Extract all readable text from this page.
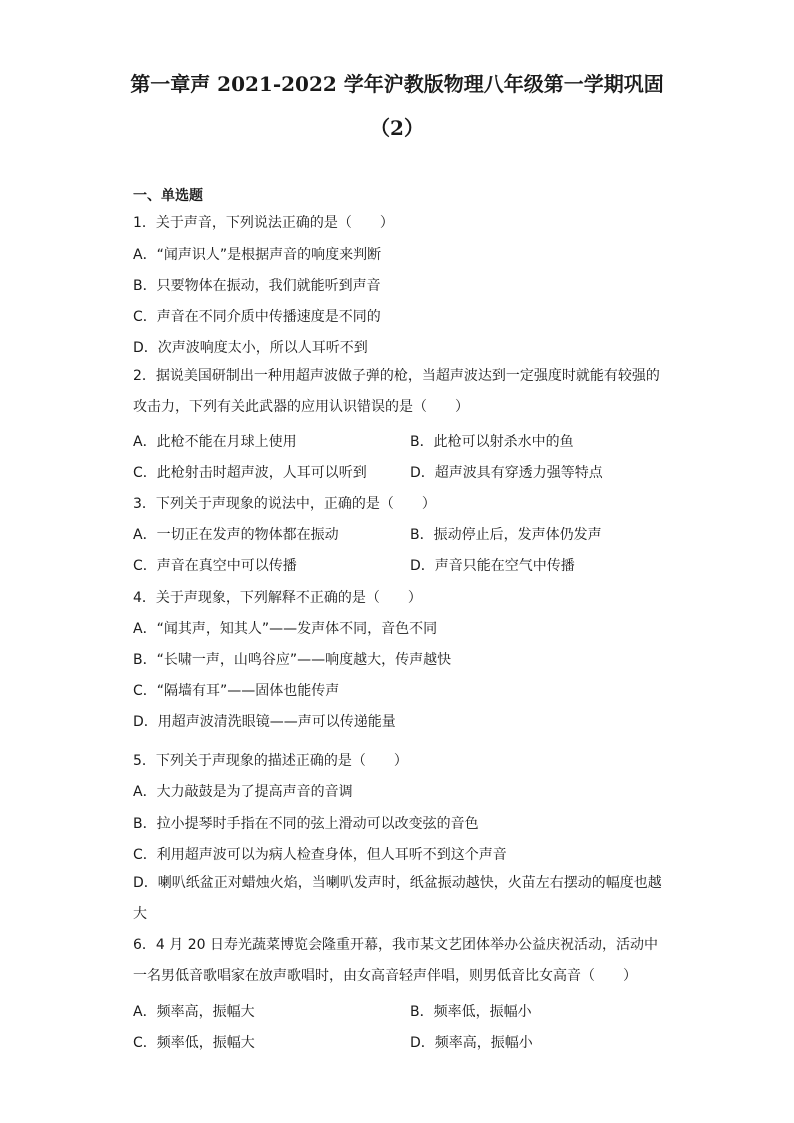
第一章声 2021-2022 学年沪教版物理八年级第一学期巩固
（2）
一、单选题
1．关于声音，下列说法正确的是（　　）
A．“闻声识人”是根据声音的响度来判断
B．只要物体在振动，我们就能听到声音
C．声音在不同介质中传播速度是不同的
D．次声波响度太小，所以人耳听不到
2．据说美国研制出一种用超声波做子弹的枪，当超声波达到一定强度时就能有较强的攻击力，下列有关此武器的应用认识错误的是（　　）
A．此枪不能在月球上使用	B．此枪可以射杀水中的鱼
C．此枪射击时超声波，人耳可以听到	D．超声波具有穿透力强等特点
3．下列关于声现象的说法中，正确的是（　　）
A．一切正在发声的物体都在振动	B．振动停止后，发声体仍发声
C．声音在真空中可以传播	D．声音只能在空气中传播
4．关于声现象，下列解释不正确的是（　　）
A．“闻其声，知其人”——发声体不同，音色不同
B．“长啸一声，山鸣谷应”——响度越大，传声越快
C．“隔墙有耳”——固体也能传声
D．用超声波清洗眼镜——声可以传递能量
5．下列关于声现象的描述正确的是（　　）
A．大力敲鼓是为了提高声音的音调
B．拉小提琴时手指在不同的弦上滑动可以改变弦的音色
C．利用超声波可以为病人检查身体，但人耳听不到这个声音
D．喇叭纸盆正对蜡烛火焰，当喇叭发声时，纸盆振动越快，火苗左右摆动的幅度也越大
6．4 月 20 日寿光蔬菜博览会隆重开幕，我市某文艺团体举办公益庆祝活动，活动中一名男低音歌唱家在放声歌唱时，由女高音轻声伴唱，则男低音比女高音（　　）
A．频率高，振幅大	B．频率低，振幅小
C．频率低，振幅大	D．频率高，振幅小
